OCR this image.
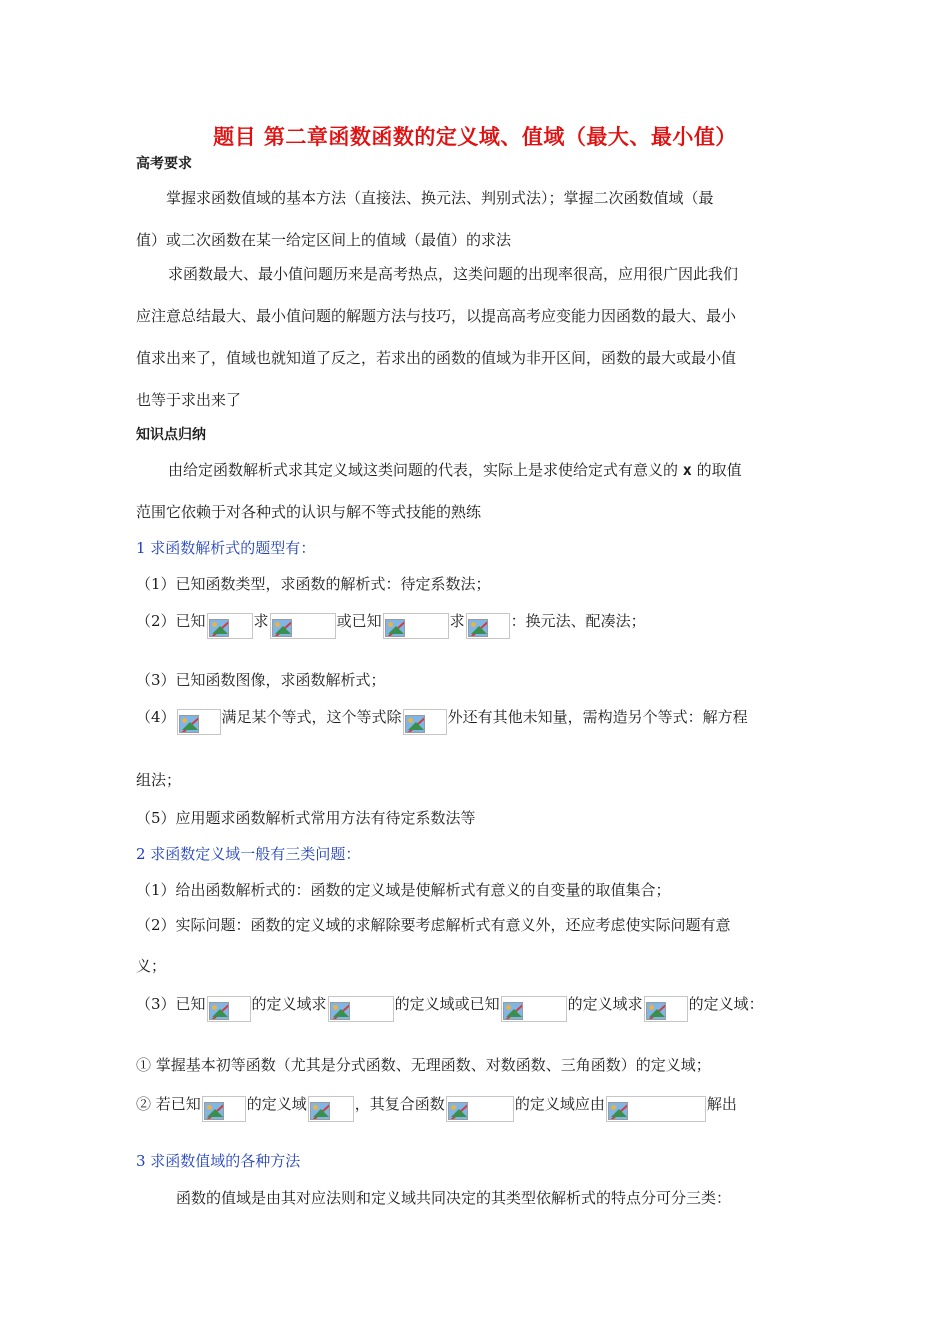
题目 第二章函数函数的定义域、值域（最大、最小值）
高考要求
掌握求函数值域的基本方法（直接法、换元法、判别式法）；掌握二次函数值域（最
值）或二次函数在某一给定区间上的值域（最值）的求法
求函数最大、最小值问题历来是高考热点，这类问题的出现率很高，应用很广因此我们
应注意总结最大、最小值问题的解题方法与技巧，以提高高考应变能力因函数的最大、最小
值求出来了，值域也就知道了反之，若求出的函数的值域为非开区间，函数的最大或最小值
也等于求出来了
知识点归纳
由给定函数解析式求其定义域这类问题的代表，实际上是求使给定式有意义的 x 的取值
范围它依赖于对各种式的认识与解不等式技能的熟练
1 求函数解析式的题型有：
（1）已知函数类型，求函数的解析式：待定系数法；
（2）已知	求	或已知	求	：换元法、配凑法；
（3）已知函数图像，求函数解析式；
（4）	满足某个等式，这个等式除	外还有其他未知量，需构造另个等式：解方程
组法；
（5）应用题求函数解析式常用方法有待定系数法等
2 求函数定义域一般有三类问题：
（1）给出函数解析式的：函数的定义域是使解析式有意义的自变量的取值集合；
（2）实际问题：函数的定义域的求解除要考虑解析式有意义外，还应考虑使实际问题有意
义；
（3）已知	的定义域求	的定义域或已知	的定义域求	的定义域：
① 掌握基本初等函数（尤其是分式函数、无理函数、对数函数、三角函数）的定义域；
② 若已知	的定义域	，其复合函数	的定义域应由	解出
3 求函数值域的各种方法
函数的值域是由其对应法则和定义域共同决定的其类型依解析式的特点分可分三类：
